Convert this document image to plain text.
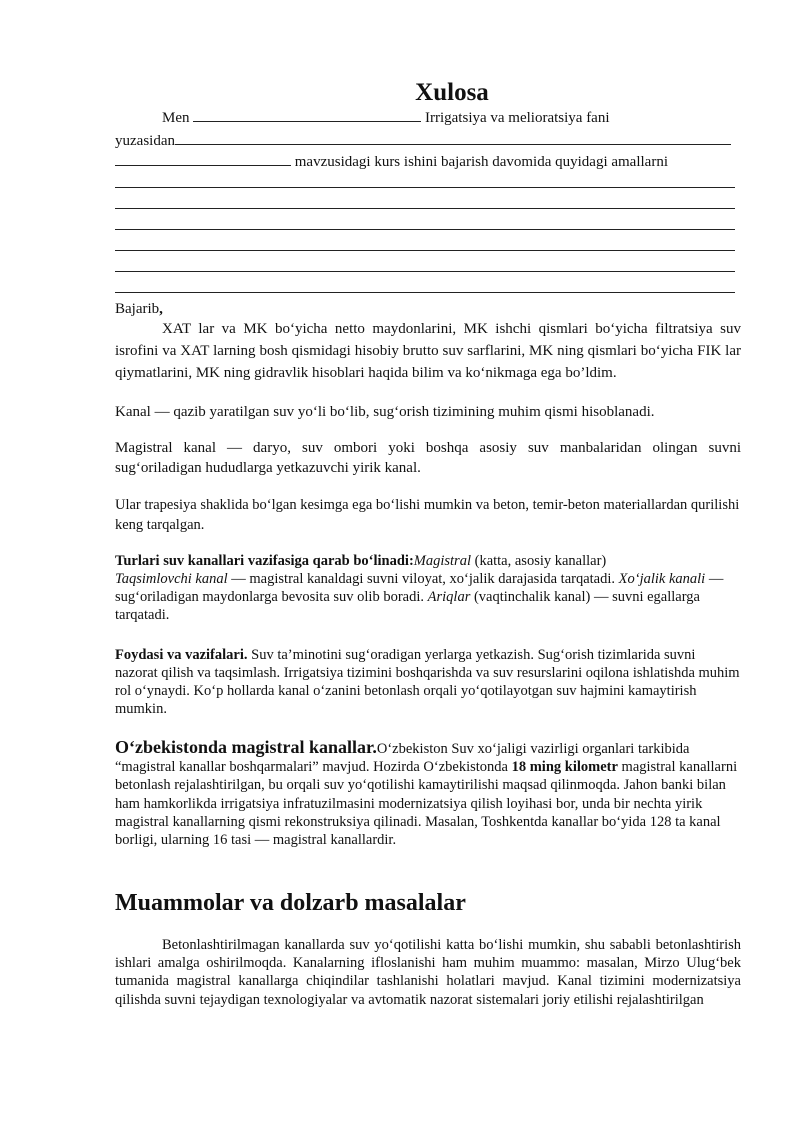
Xulosa
Men	Irrigatsiya va melioratsiya fani
yuzasidan
mavzusidagi kurs ishini bajarish davomida quyidagi amallarni
Bajarib,

XAT lar va MK bo‘yicha netto maydonlarini, MK ishchi qismlari bo‘yicha filtratsiya suv isrofini va XAT larning bosh qismidagi hisobiy brutto suv sarflarini, MK ning qismlari bo‘yicha FIK lar qiymatlarini, MK ning gidravlik hisoblari haqida bilim va ko‘nikmaga ega bo’ldim.

Kanal — qazib yaratilgan suv yo‘li bo‘lib, sug‘orish tizimining muhim qismi hisoblanadi.

Magistral kanal — daryo, suv ombori yoki boshqa asosiy suv manbalaridan olingan suvni sug‘oriladigan hududlarga yetkazuvchi yirik kanal.

Ular trapesiya shaklida bo‘lgan kesimga ega bo‘lishi mumkin va beton, temir-beton materiallardan qurilishi keng tarqalgan.

Turlari suv kanallari vazifasiga qarab bo‘linadi:Magistral (katta, asosiy kanallar)
Taqsimlovchi kanal — magistral kanaldagi suvni viloyat, xo‘jalik darajasida tarqatadi. Xo‘jalik kanali — sug‘oriladigan maydonlarga bevosita suv olib boradi. Ariqlar (vaqtinchalik kanal) — suvni egallarga tarqatadi.

Foydasi va vazifalari. Suv ta’minotini sug‘oradigan yerlarga yetkazish. Sug‘orish tizimlarida suvni nazorat qilish va taqsimlash. Irrigatsiya tizimini boshqarishda va suv resurslarini oqilona ishlatishda muhim rol o‘ynaydi. Ko‘p hollarda kanal o‘zanini betonlash orqali yo‘qotilayotgan suv hajmini kamaytirish mumkin.

O‘zbekistonda magistral kanallar.O‘zbekiston Suv xo‘jaligi vazirligi organlari tarkibida “magistral kanallar boshqarmalari” mavjud. Hozirda O‘zbekistonda 18 ming kilometr magistral kanallarni betonlash rejalashtirilgan, bu orqali suv yo‘qotilishi kamaytirilishi maqsad qilinmoqda. Jahon banki bilan ham hamkorlikda irrigatsiya infratuzilmasini modernizatsiya qilish loyihasi bor, unda bir nechta yirik magistral kanallarning qismi rekonstruksiya qilinadi. Masalan, Toshkentda kanallar bo‘yida 128 ta kanal borligi, ularning 16 tasi — magistral kanallardir.

Muammolar va dolzarb masalalar

Betonlashtirilmagan kanallarda suv yo‘qotilishi katta bo‘lishi mumkin, shu sababli betonlashtirish ishlari amalga oshirilmoqda. Kanalarning ifloslanishi ham muhim muammo: masalan, Mirzo Ulug‘bek tumanida magistral kanallarga chiqindilar tashlanishi holatlari mavjud. Kanal tizimini modernizatsiya qilishda suvni tejaydigan texnologiyalar va avtomatik nazorat sistemalari joriy etilishi rejalashtirilgan
